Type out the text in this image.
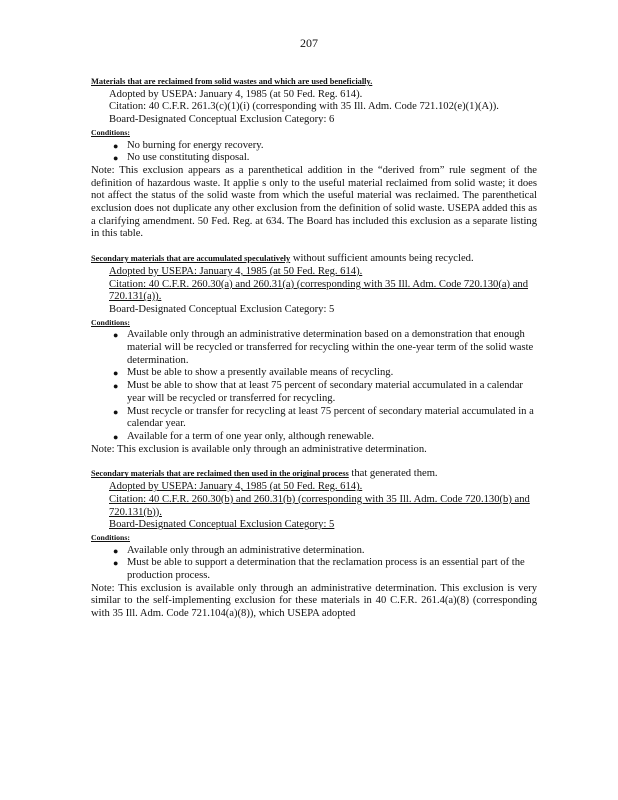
207
Materials that are reclaimed from solid wastes and which are used beneficially.
Adopted by USEPA: January 4, 1985 (at 50 Fed. Reg. 614).
Citation: 40 C.F.R. 261.3(c)(1)(i) (corresponding with 35 Ill. Adm. Code 721.102(e)(1)(A)).
Board-Designated Conceptual Exclusion Category: 6
Conditions:
● No burning for energy recovery.
● No use constituting disposal.
Note: This exclusion appears as a parenthetical addition in the “derived from” rule segment of the definition of hazardous waste. It applie s only to the useful material reclaimed from solid waste; it does not affect the status of the solid waste from which the useful material was reclaimed. The parenthetical exclusion does not duplicate any other exclusion from the definition of solid waste. USEPA added this as a clarifying amendment. 50 Fed. Reg. at 634. The Board has included this exclusion as a separate listing in this table.
Secondary materials that are accumulated speculatively without sufficient amounts being recycled.
Adopted by USEPA: January 4, 1985 (at 50 Fed. Reg. 614).
Citation: 40 C.F.R. 260.30(a) and 260.31(a) (corresponding with 35 Ill. Adm. Code 720.130(a) and 720.131(a)).
Board-Designated Conceptual Exclusion Category: 5
Conditions:
● Available only through an administrative determination based on a demonstration that enough material will be recycled or transferred for recycling within the one-year term of the solid waste determination.
● Must be able to show a presently available means of recycling.
● Must be able to show that at least 75 percent of secondary material accumulated in a calendar year will be recycled or transferred for recycling.
● Must recycle or transfer for recycling at least 75 percent of secondary material accumulated in a calendar year.
● Available for a term of one year only, although renewable.
Note: This exclusion is available only through an administrative determination.
Secondary materials that are reclaimed then used in the original process that generated them.
Adopted by USEPA: January 4, 1985 (at 50 Fed. Reg. 614).
Citation: 40 C.F.R. 260.30(b) and 260.31(b) (corresponding with 35 Ill. Adm. Code 720.130(b) and 720.131(b)).
Board-Designated Conceptual Exclusion Category: 5
Conditions:
● Available only through an administrative determination.
● Must be able to support a determination that the reclamation process is an essential part of the production process.
Note: This exclusion is available only through an administrative determination. This exclusion is very similar to the self-implementing exclusion for these materials in 40 C.F.R. 261.4(a)(8) (corresponding with 35 Ill. Adm. Code 721.104(a)(8)), which USEPA adopted
